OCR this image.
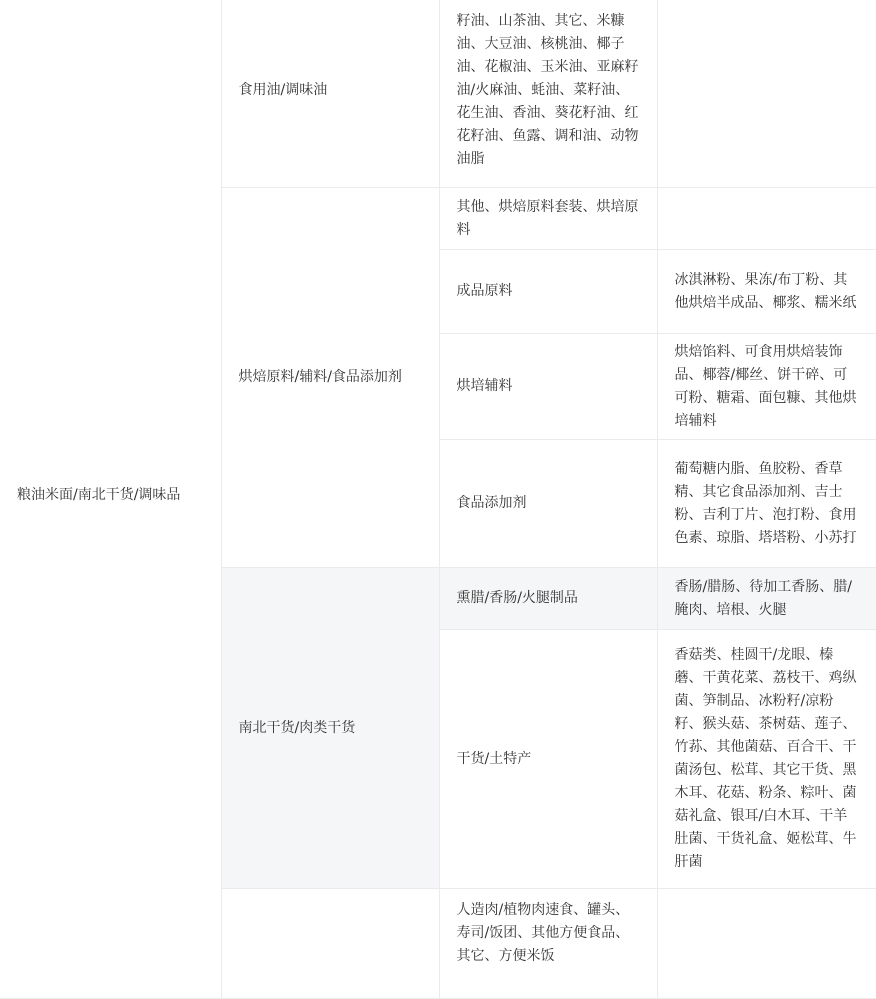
粮油米面/南北干货/调味品	食用油/调味油	籽油、山茶油、其它、米糠油、大豆油、核桃油、椰子油、花椒油、玉米油、亚麻籽油/火麻油、蚝油、菜籽油、花生油、香油、葵花籽油、红花籽油、鱼露、调和油、动物油脂	
	烘焙原料/辅料/食品添加剂	其他、烘焙原料套装、烘培原料	
		成品原料	冰淇淋粉、果冻/布丁粉、其他烘焙半成品、椰浆、糯米纸
		烘培辅料	烘焙馅料、可食用烘焙装饰品、椰蓉/椰丝、饼干碎、可可粉、糖霜、面包糠、其他烘培辅料
		食品添加剂	葡萄糖内脂、鱼胶粉、香草精、其它食品添加剂、吉士粉、吉利丁片、泡打粉、食用色素、琼脂、塔塔粉、小苏打
	南北干货/肉类干货	熏腊/香肠/火腿制品	香肠/腊肠、待加工香肠、腊/腌肉、培根、火腿
		干货/土特产	香菇类、桂圆干/龙眼、榛蘑、干黄花菜、荔枝干、鸡纵菌、笋制品、冰粉籽/凉粉籽、猴头菇、茶树菇、莲子、竹荪、其他菌菇、百合干、干菌汤包、松茸、其它干货、黑木耳、花菇、粉条、粽叶、菌菇礼盒、银耳/白木耳、干羊肚菌、干货礼盒、姬松茸、牛肝菌
		人造肉/植物肉速食、罐头、寿司/饭团、其他方便食品、其它、方便米饭	
